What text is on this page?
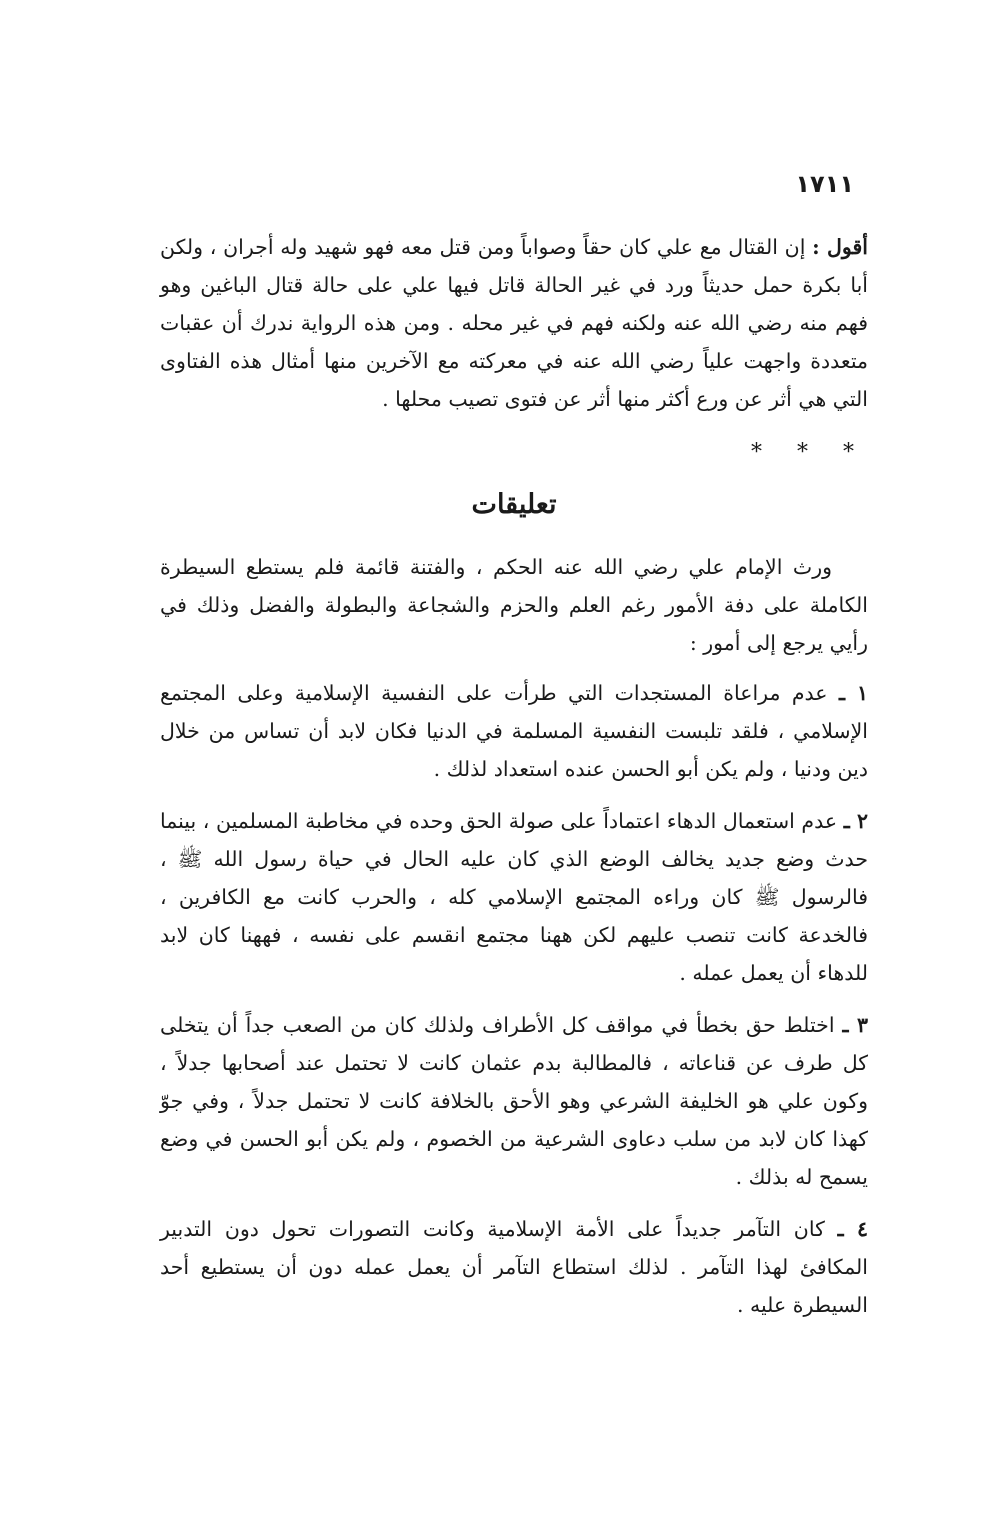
١٧١١

أقول : إن القتال مع علي كان حقاً وصواباً ومن قتل معه فهو شهيد وله أجران ، ولكن أبا بكرة حمل حديثاً ورد في غير الحالة قاتل فيها علي على حالة قتال الباغين وهو فهم منه رضي الله عنه ولكنه فهم في غير محله . ومن هذه الرواية ندرك أن عقبات متعددة واجهت علياً رضي الله عنه في معركته مع الآخرين منها أمثال هذه الفتاوى التي هي أثر عن ورع أكثر منها أثر عن فتوى تصيب محلها .

* * *

تعليقات

ورث الإمام علي رضي الله عنه الحكم ، والفتنة قائمة فلم يستطع السيطرة الكاملة على دفة الأمور رغم العلم والحزم والشجاعة والبطولة والفضل وذلك في رأيي يرجع إلى أمور :

١ ـ عدم مراعاة المستجدات التي طرأت على النفسية الإسلامية وعلى المجتمع الإسلامي ، فلقد تلبست النفسية المسلمة في الدنيا فكان لابد أن تساس من خلال دين ودنيا ، ولم يكن أبو الحسن عنده استعداد لذلك .

٢ ـ عدم استعمال الدهاء اعتماداً على صولة الحق وحده في مخاطبة المسلمين ، بينما حدث وضع جديد يخالف الوضع الذي كان عليه الحال في حياة رسول الله ﷺ ، فالرسول ﷺ كان وراءه المجتمع الإسلامي كله ، والحرب كانت مع الكافرين ، فالخدعة كانت تنصب عليهم لكن ههنا مجتمع انقسم على نفسه ، فههنا كان لابد للدهاء أن يعمل عمله .

٣ ـ اختلط حق بخطأ في مواقف كل الأطراف ولذلك كان من الصعب جداً أن يتخلى كل طرف عن قناعاته ، فالمطالبة بدم عثمان كانت لا تحتمل عند أصحابها جدلاً ، وكون علي هو الخليفة الشرعي وهو الأحق بالخلافة كانت لا تحتمل جدلاً ، وفي جوّ كهذا كان لابد من سلب دعاوى الشرعية من الخصوم ، ولم يكن أبو الحسن في وضع يسمح له بذلك .

٤ ـ كان التآمر جديداً على الأمة الإسلامية وكانت التصورات تحول دون التدبير المكافئ لهذا التآمر . لذلك استطاع التآمر أن يعمل عمله دون أن يستطيع أحد السيطرة عليه .
